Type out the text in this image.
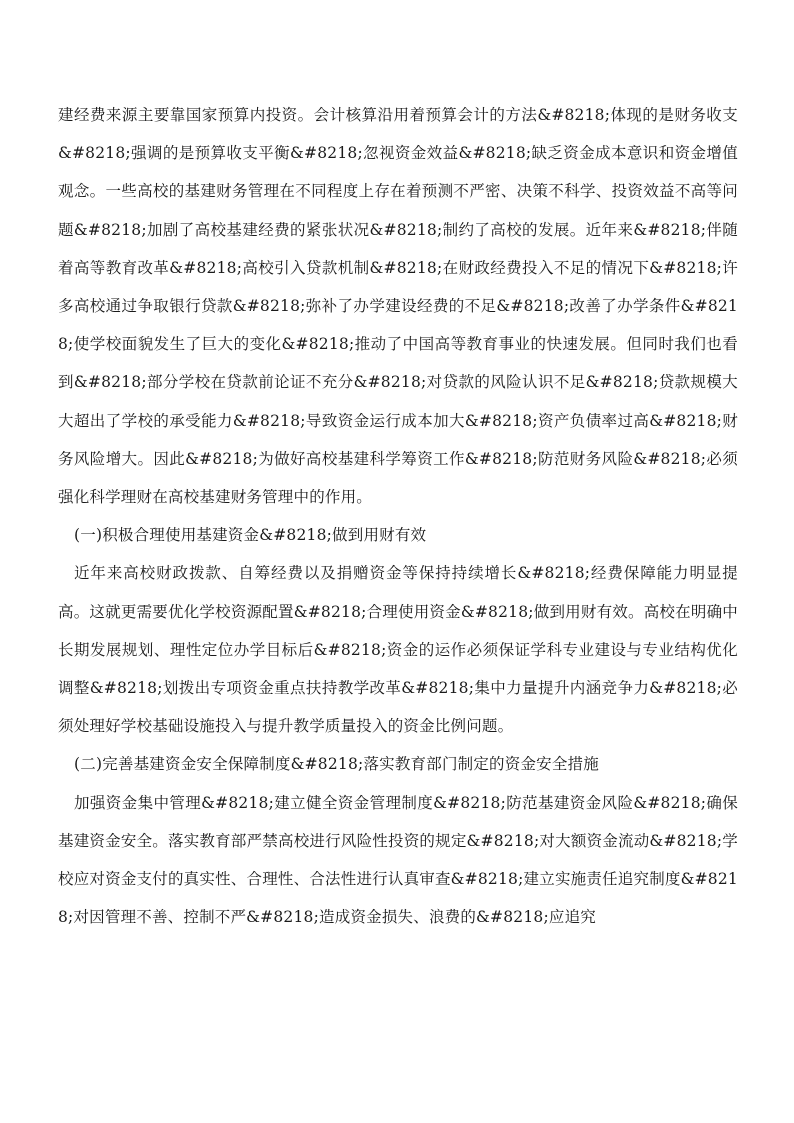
建经费来源主要靠国家预算内投资。会计核算沿用着预算会计的方法&#8218;体现的是财务收支&#8218;强调的是预算收支平衡&#8218;忽视资金效益&#8218;缺乏资金成本意识和资金增值观念。一些高校的基建财务管理在不同程度上存在着预测不严密、决策不科学、投资效益不高等问题&#8218;加剧了高校基建经费的紧张状况&#8218;制约了高校的发展。近年来&#8218;伴随着高等教育改革&#8218;高校引入贷款机制&#8218;在财政经费投入不足的情况下&#8218;许多高校通过争取银行贷款&#8218;弥补了办学建设经费的不足&#8218;改善了办学条件&#8218;使学校面貌发生了巨大的变化&#8218;推动了中国高等教育事业的快速发展。但同时我们也看到&#8218;部分学校在贷款前论证不充分&#8218;对贷款的风险认识不足&#8218;贷款规模大大超出了学校的承受能力&#8218;导致资金运行成本加大&#8218;资产负债率过高&#8218;财务风险增大。因此&#8218;为做好高校基建科学筹资工作&#8218;防范财务风险&#8218;必须强化科学理财在高校基建财务管理中的作用。

(一)积极合理使用基建资金&#8218;做到用财有效

近年来高校财政拨款、自筹经费以及捐赠资金等保持持续增长&#8218;经费保障能力明显提高。这就更需要优化学校资源配置&#8218;合理使用资金&#8218;做到用财有效。高校在明确中长期发展规划、理性定位办学目标后&#8218;资金的运作必须保证学科专业建设与专业结构优化调整&#8218;划拨出专项资金重点扶持教学改革&#8218;集中力量提升内涵竞争力&#8218;必须处理好学校基础设施投入与提升教学质量投入的资金比例问题。

(二)完善基建资金安全保障制度&#8218;落实教育部门制定的资金安全措施

加强资金集中管理&#8218;建立健全资金管理制度&#8218;防范基建资金风险&#8218;确保基建资金安全。落实教育部严禁高校进行风险性投资的规定&#8218;对大额资金流动&#8218;学校应对资金支付的真实性、合理性、合法性进行认真审查&#8218;建立实施责任追究制度&#8218;对因管理不善、控制不严&#8218;造成资金损失、浪费的&#8218;应追究
